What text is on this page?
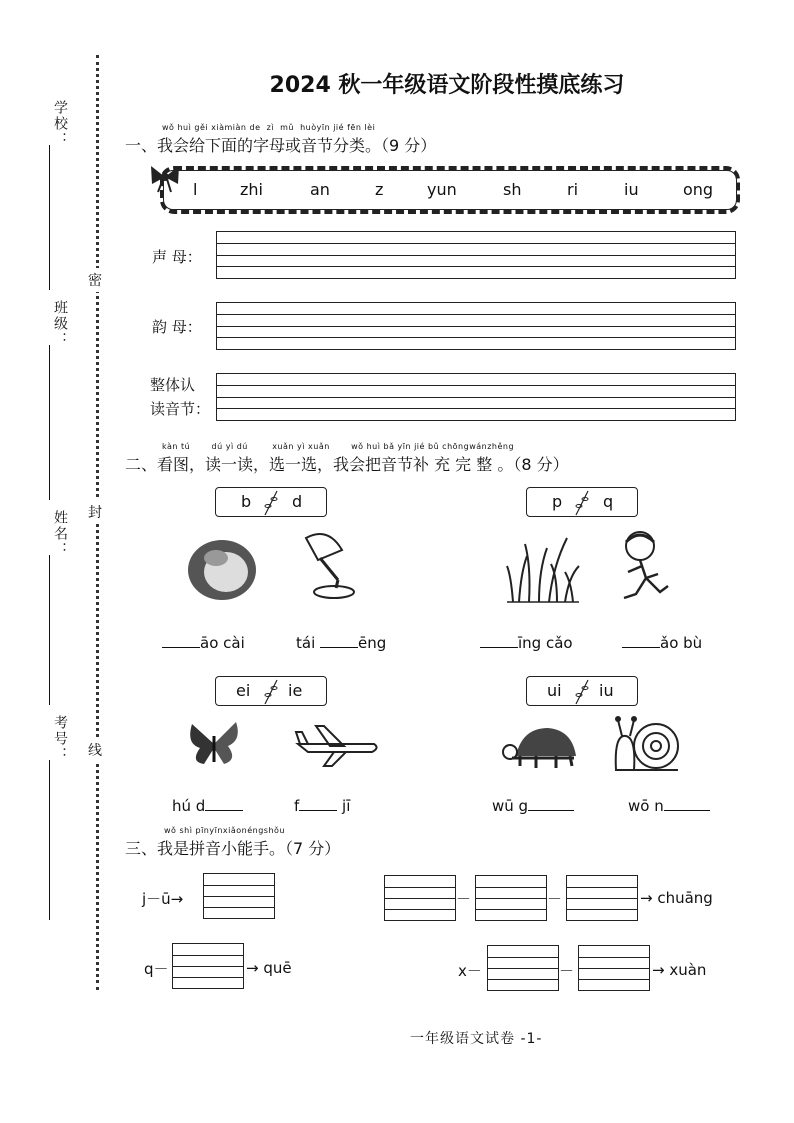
学校：
班级：
姓名：
考号：
密
封
线
2024 秋一年级语文阶段性摸底练习
wǒ huì gěi xiàmiàn de  zì  mǔ  huòyīn jié fēn lèi
一、我会给下面的字母或音节分类。（9 分）
l	zhi	an	z	yun	sh	ri	iu	ong
声 母：
韵 母：
整体认
读音节：
kàn tú       dú yì dú        xuǎn yì xuǎn       wǒ huì bǎ yīn jié bǔ chōngwánzhěng
二、看图，读一读，选一选，我会把音节补 充 完 整 。（8 分）
b	d	p	q
āo cài	tái	ēng	īng cǎo	ǎo bù
ei ie	ui iu
hú d	f	jī	wū g	wō n
wǒ shì pīnyīnxiǎonéngshǒu
三、我是拼音小能手。（7 分）
j－ū→	－	－	→ chuāng
q－	→ quē	x－	－	→ xuàn
一年级语文试卷 -1-
